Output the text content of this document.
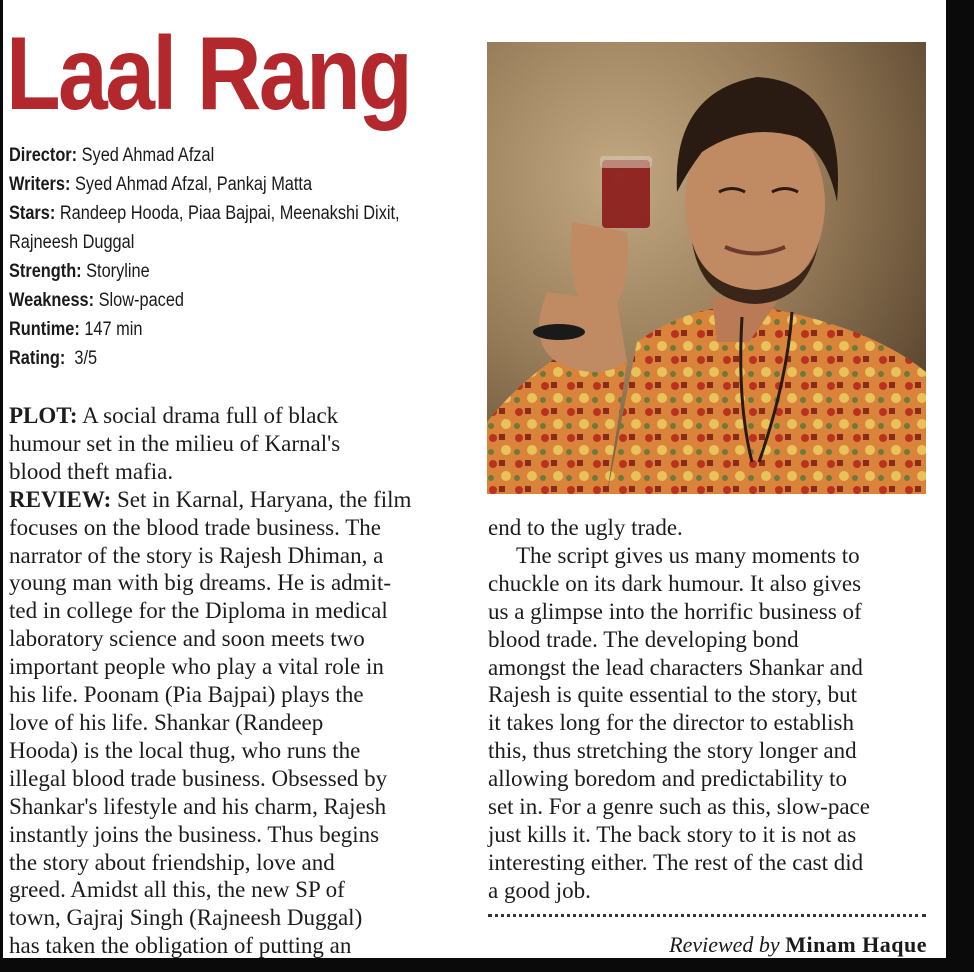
Laal Rang
Director: Syed Ahmad Afzal
Writers: Syed Ahmad Afzal, Pankaj Matta
Stars: Randeep Hooda, Piaa Bajpai, Meenakshi Dixit,
Rajneesh Duggal
Strength: Storyline
Weakness: Slow-paced
Runtime: 147 min
Rating: 3/5

PLOT: A social drama full of black
humour set in the milieu of Karnal's
blood theft mafia.

REVIEW: Set in Karnal, Haryana, the film
focuses on the blood trade business. The
narrator of the story is Rajesh Dhiman, a
young man with big dreams. He is admit-
ted in college for the Diploma in medical
laboratory science and soon meets two
important people who play a vital role in
his life. Poonam (Pia Bajpai) plays the
love of his life. Shankar (Randeep
Hooda) is the local thug, who runs the
illegal blood trade business. Obsessed by
Shankar's lifestyle and his charm, Rajesh
instantly joins the business. Thus begins
the story about friendship, love and
greed. Amidst all this, the new SP of
town, Gajraj Singh (Rajneesh Duggal)
has taken the obligation of putting an

end to the ugly trade.

The script gives us many moments to
chuckle on its dark humour. It also gives
us a glimpse into the horrific business of
blood trade. The developing bond
amongst the lead characters Shankar and
Rajesh is quite essential to the story, but
it takes long for the director to establish
this, thus stretching the story longer and
allowing boredom and predictability to
set in. For a genre such as this, slow-pace
just kills it. The back story to it is not as
interesting either. The rest of the cast did
a good job.

Reviewed by Minam Haque
